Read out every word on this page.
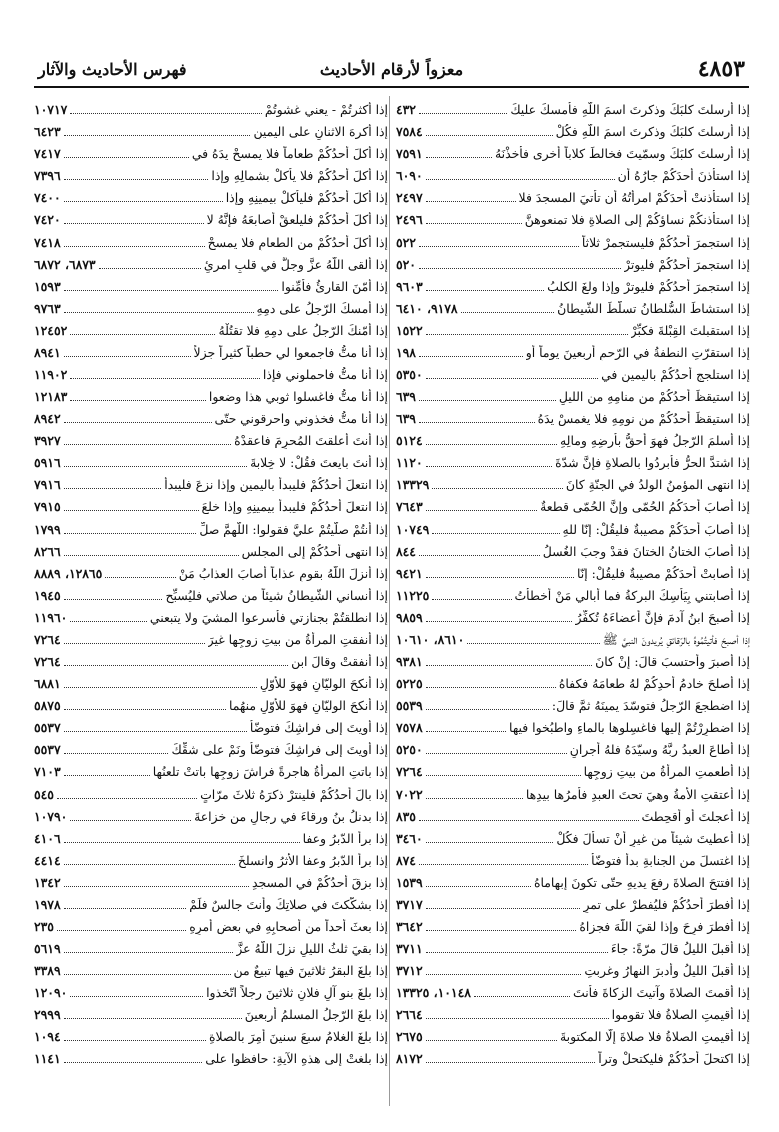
٤٨٥٣
معزواً لأرقام الأحاديث
فهرس الأحاديث والآثار
إذا أرسلتَ كلبَكَ وذكرتَ اسمَ اللَّهِ فأمسكَ عليكَ
٤٣٢
إذا أرسلتَ كلبَكَ وذكرتَ اسمَ اللَّهِ فكُلْ
٧٥٨٤
إذا أرسلتَ كلبَكَ وسمّيتَ فخالطَ كلاباً أُخرى فأخذْنَهُ
٧٥٩١
إذا استأذنَ أحدَكُمْ جارُهُ أن
٦٠٩٠
إذا استأذنتْ أحدَكُمْ امرأتُهُ أن تأتيَ المسجدَ فلا
٢٤٩٧
إذا استأذنكُمْ نساؤكُمْ إلى الصلاةِ فلا تمنعوهنَّ
٢٤٩٦
إذا استجمرَ أحدُكُمْ فليستجمرْ ثلاثاً
٥٢٢
إذا استجمرَ أحدُكُمْ فليوترْ
٥٢٠
إذا استجمرَ أحدُكُمْ فليوترْ وإذا ولغَ الكلبُ
٩٦٠٣
إذا استشاطَ السُّلطانُ تسلّطَ الشّيطانُ
٩١٧٨، ٦٤١٠
إذا استقبلتَ القِبْلةَ فكبِّرْ
١٥٢٢
إذا استقرّتِ النطفةُ في الرّحمِ أربعينَ يوماً أو
١٩٨
إذا استلجج أحدُكُمْ باليمينِ في
٥٣٥٠
إذا استيقظَ أحدُكُمْ من منامِهِ من الليلِ
٦٣٩
إذا استيقظَ أحدُكُمْ من نومِهِ فلا يغمسْ يدَهُ
٦٣٩
إذا أسلمَ الرّجلُ فهوَ أحقُّ بأرضِهِ ومالِهِ
٥١٢٤
إذا اشتدَّ الحرُّ فأبردُوا بالصلاةِ فإنَّ شدّةَ
١١٢٠
إذا انتهى المؤمنُ الولدُ في الجنّةِ كانَ
١٣٣٢٩
إذا أصابَ أحدَكُمُ الحُمّى وإنَّ الحُمّى قطعةٌ
٧٦٤٣
إذا أصابَ أحدَكُمْ مصيبةٌ فليقُلْ: إنّا للهِ
١٠٧٤٩
إذا أصابَ الختانُ الختانَ فقدْ وجبَ الغُسلُ
٨٤٤
إذا أصابتْ أحدَكُمْ مصيبةٌ فليقُلْ: إنّا
٩٤٢١
إذا أصابتني بِيَأْسِكَ البركةُ فما أُبالي مَنْ أخطأتُ
١١٢٢٥
إذا أصبحَ ابنُ آدمَ فإنَّ أعضاءَهُ تُكفِّرُ
٩٨٥٩
إذا أصبحَ فأتيتُمُوهُ بالرّقائقِ يُريدونَ النبيَّ ﷺ
٨٦١٠، ١٠٦١٠
إذا أصبرَ وأحتسبَ قالَ: إنْ كانَ
٩٣٨١
إذا أصلحَ خادمُ أحدِكُمْ لهُ طعامَهُ فكفاهُ
٥٢٢٥
إذا اضطجعَ الرّجلُ فتوسّدَ يمينَهُ ثمَّ قالَ:
٥٥٣٩
إذا اضطرِرْتُمْ إليها فاغسِلوها بالماءِ واطبُخوا فيها
٧٥٧٨
إذا أطاعَ العبدُ ربَّهُ وسيّدَهُ فلهُ أجرانِ
٥٢٥٠
إذا أطعمتِ المرأةُ من بيتِ زوجِها
٧٢٦٤
إذا أعتقتِ الأمةُ وهيَ تحتَ العبدِ فأمرُها بيدِها
٧٠٢٢
إذا أُعجلتَ أو أُقحِطتَ
٨٣٥
إذا أُعطيتَ شيئاً من غيرِ أنْ تسألَ فكُلْ
٣٤٦٠
إذا اغتسلَ من الجنابةِ بدأَ فتوضّأَ
٨٧٤
إذا افتتحَ الصلاةَ رفعَ يديهِ حتّى تكونَ إبهاماهُ
١٥٣٩
إذا أفطرَ أحدُكُمْ فليُفطرْ على تمرٍ
٣٧١٧
إذا أفطرَ فرِحَ وإذا لقيَ اللَّهَ فجزاهُ
٣٦٤٢
إذا أقبلَ الليلُ قالَ مرّةً: جاءَ
٣٧١١
إذا أقبلَ الليلُ وأدبرَ النهارُ وغربتِ
٣٧١٢
إذا أقمتَ الصلاةَ وآتيتَ الزكاةَ فأنتَ
١٠١٤٨، ١٣٣٢٥
إذا أُقيمتِ الصلاةُ فلا تقوموا
٢٦٦٤
إذا أُقيمتِ الصلاةُ فلا صلاةَ إلّا المكتوبةَ
٢٦٧٥
إذا اكتحلَ أحدُكُمْ فليكتحلْ وتراً
٨١٧٢
إذا أكثرتُمْ - يعني غشوتُمْ
١٠٧١٧
إذا أكرهَ الاثنانِ على اليمينِ
٦٤٢٣
إذا أكلَ أحدُكُمْ طعاماً فلا يمسحْ يدَهُ في
٧٤١٧
إذا أكلَ أحدُكُمْ فلا يأكلْ بشمالِهِ وإذا
٧٣٩٦
إذا أكلَ أحدُكُمْ فليأكلْ بيمينِهِ وإذا
٧٤٠٠
إذا أكلَ أحدُكُمْ فليلعقْ أصابعَهُ فإنَّهُ لا
٧٤٢٠
إذا أكلَ أحدُكُمْ من الطعامِ فلا يمسحْ
٧٤١٨
إذا ألقى اللَّهُ عزَّ وجلَّ في قلبِ امرئٍ
٦٨٧٣، ٦٨٧٢
إذا أمّنَ القارئُ فأمِّنوا
١٥٩٣
إذا أمسكَ الرّجلُ على دمِهِ
٩٧٦٣
إذا أمّنكَ الرّجلُ على دمِهِ فلا تقتُلْهُ
١٢٤٥٢
إذا أنا متُّ فاجمعوا لي حطباً كثيراً جزلاً
٨٩٤١
إذا أنا متُّ فاحملوني فإذا
١١٩٠٢
إذا أنا متُّ فاغسلوا ثوبي هذا وضعوا
١٢١٨٣
إذا أنا متُّ فخذوني واحرقوني حتّى
٨٩٤٢
إذا أنتَ أعلقتَ المُحرِمَ فاعقدْهُ
٣٩٢٧
إذا أنتَ بايعتَ فقُلْ: لا خِلابةَ
٥٩١٦
إذا انتعلَ أحدُكُمْ فليبدأْ باليمينِ وإذا نزعَ فليبدأْ
٧٩١٦
إذا انتعلَ أحدُكُمْ فليبدأْ بيمينِهِ وإذا خلعَ
٧٩١٥
إذا أنتُمْ صلّيتُمْ عليَّ فقولوا: اللّهمَّ صلِّ
١٧٩٩
إذا انتهى أحدُكُمْ إلى المجلسِ
٨٢٦٦
إذا أنزلَ اللَّهُ بقومٍ عذاباً أصابَ العذابُ مَنْ
١٢٨٦٥، ٨٨٨٩
إذا أنساني الشّيطانُ شيئاً من صلاتي فليُسبِّحِ
١٩٤٥
إذا انطلقتُمْ بجنازتي فأسرعوا المشيَ ولا يتبعني
١١٩٦٠
إذا أنفقتِ المرأةُ من بيتِ زوجِها غيرَ
٧٢٦٤
إذا أنفقتْ وقالَ ابن
٧٢٦٤
إذا أنكحَ الوليّانِ فهوَ للأوّلِ
٦٨٨١
إذا أنكحَ الوليّانِ فهوَ للأوّلِ منهُما
٥٨٧٥
إذا أويتَ إلى فراشِكَ فتوضّأْ
٥٥٣٧
إذا أويتَ إلى فراشِكَ فتوضّأْ ونَمْ على شقِّكَ
٥٥٣٧
إذا باتتِ المرأةُ هاجرةً فراشَ زوجِها باتتْ تلعنُها
٧١٠٣
إذا بالَ أحدُكُمْ فلينترْ ذكرَهُ ثلاثَ مرّاتٍ
٥٤٥
إذا بدنلُ بنُ ورقاءَ في رجالٍ من خزاعةَ
١٠٧٩٠
إذا برأَ الدّبرُ وعفا
٤١٠٦
إذا برأَ الدّبرُ وعفا الأثرُ وانسلخَ
٤٤١٤
إذا بزقَ أحدُكُمْ في المسجدِ
١٣٤٢
إذا بشكّكتَ في صلاتِكَ وأنتَ جالسٌ فلَمْ
١٩٧٨
إذا بعثَ أحداً من أصحابِهِ في بعضِ أمرِهِ
٢٣٥
إذا بقيَ ثلثُ الليلِ نزلَ اللَّهُ عزَّ
٥٦١٩
إذا بلغَ البقرُ ثلاثينَ فيها تبيعٌ من
٣٣٨٩
إذا بلغَ بنو آلِ فلانٍ ثلاثينَ رجلاً اتّخذوا
١٢٠٩٠
إذا بلغَ الرّجلُ المسلمُ أربعينَ
٢٩٩٩
إذا بلغَ الغلامُ سبعَ سنينَ أُمِرَ بالصلاةِ
١٠٩٤
إذا بلغتْ إلى هذهِ الآيةِ: حافظوا على
١١٤١
